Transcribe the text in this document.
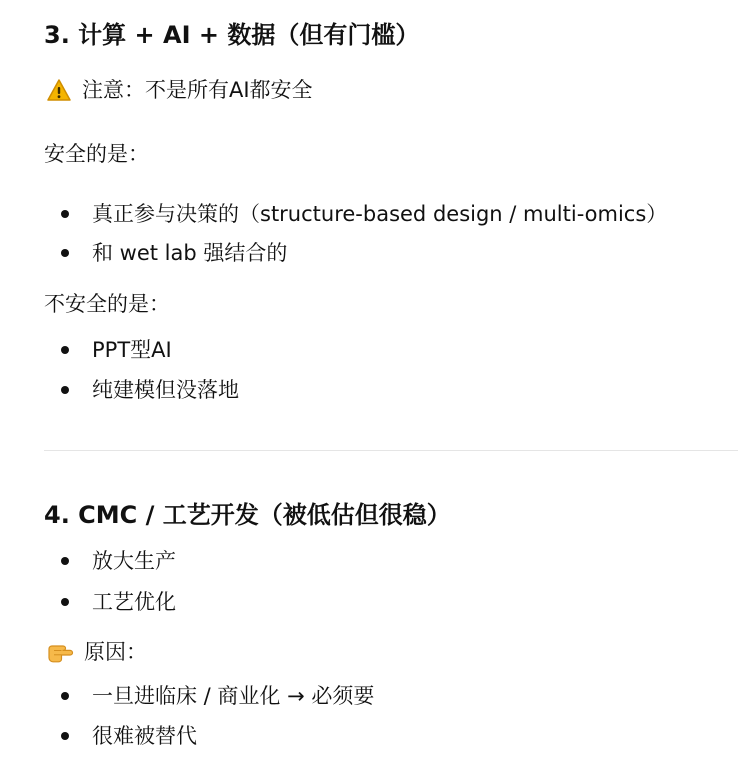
3. 计算 + AI + 数据（但有门槛）
注意：不是所有AI都安全
安全的是：
真正参与决策的（structure-based design / multi-omics）
和 wet lab 强结合的
不安全的是：
PPT型AI
纯建模但没落地
4. CMC / 工艺开发（被低估但很稳）
放大生产
工艺优化
原因：
一旦进临床 / 商业化 → 必须要
很难被替代
